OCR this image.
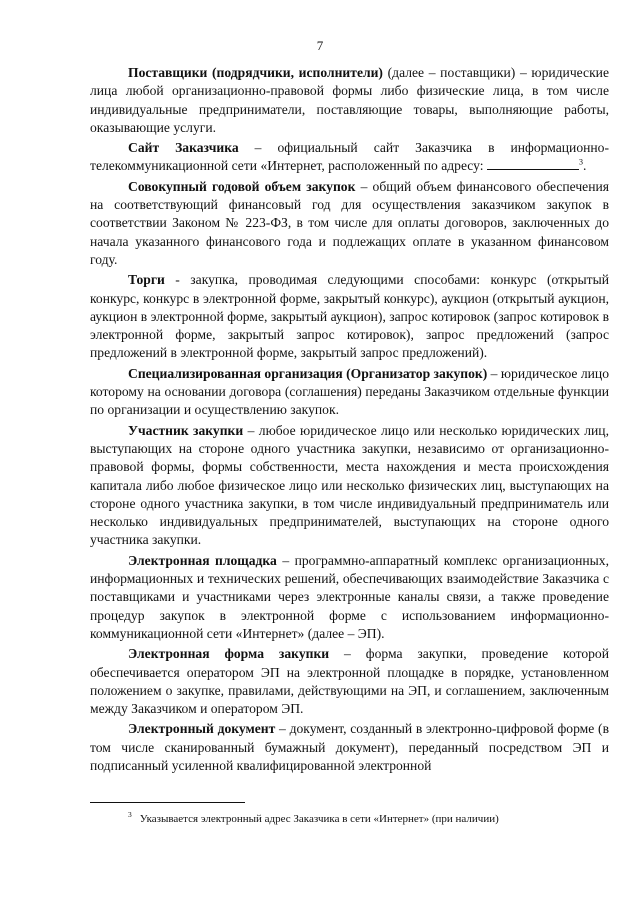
7

Поставщики (подрядчики, исполнители) (далее – поставщики) – юридические лица любой организационно-правовой формы либо физические лица, в том числе индивидуальные предприниматели, поставляющие товары, выполняющие работы, оказывающие услуги.

Сайт Заказчика – официальный сайт Заказчика в информационно-телекоммуникационной сети «Интернет, расположенный по адресу:	$^3$.

Совокупный годовой объем закупок – общий объем финансового обеспечения на соответствующий финансовый год для осуществления заказчиком закупок в соответствии Законом № 223-ФЗ, в том числе для оплаты договоров, заключенных до начала указанного финансового года и подлежащих оплате в указанном финансовом году.

Торги - закупка, проводимая следующими способами: конкурс (открытый конкурс, конкурс в электронной форме, закрытый конкурс), аукцион (открытый аукцион, аукцион в электронной форме, закрытый аукцион), запрос котировок (запрос котировок в электронной форме, закрытый запрос котировок), запрос предложений (запрос предложений в электронной форме, закрытый запрос предложений).

Специализированная организация (Организатор закупок) – юридическое лицо которому на основании договора (соглашения) переданы Заказчиком отдельные функции по организации и осуществлению закупок.

Участник закупки – любое юридическое лицо или несколько юридических лиц, выступающих на стороне одного участника закупки, независимо от организационно-правовой формы, формы собственности, места нахождения и места происхождения капитала либо любое физическое лицо или несколько физических лиц, выступающих на стороне одного участника закупки, в том числе индивидуальный предприниматель или несколько индивидуальных предпринимателей, выступающих на стороне одного участника закупки.

Электронная площадка – программно-аппаратный комплекс организационных, информационных и технических решений, обеспечивающих взаимодействие Заказчика с поставщиками и участниками через электронные каналы связи, а также проведение процедур закупок в электронной форме с использованием информационно-коммуникационной сети «Интернет» (далее – ЭП).

Электронная форма закупки – форма закупки, проведение которой обеспечивается оператором ЭП на электронной площадке в порядке, установленном положением о закупке, правилами, действующими на ЭП, и соглашением, заключенным между Заказчиком и оператором ЭП.

Электронный документ – документ, созданный в электронно-цифровой форме (в том числе сканированный бумажный документ), переданный посредством ЭП и подписанный усиленной квалифицированной электронной

$^3$ Указывается электронный адрес Заказчика в сети «Интернет» (при наличии)
